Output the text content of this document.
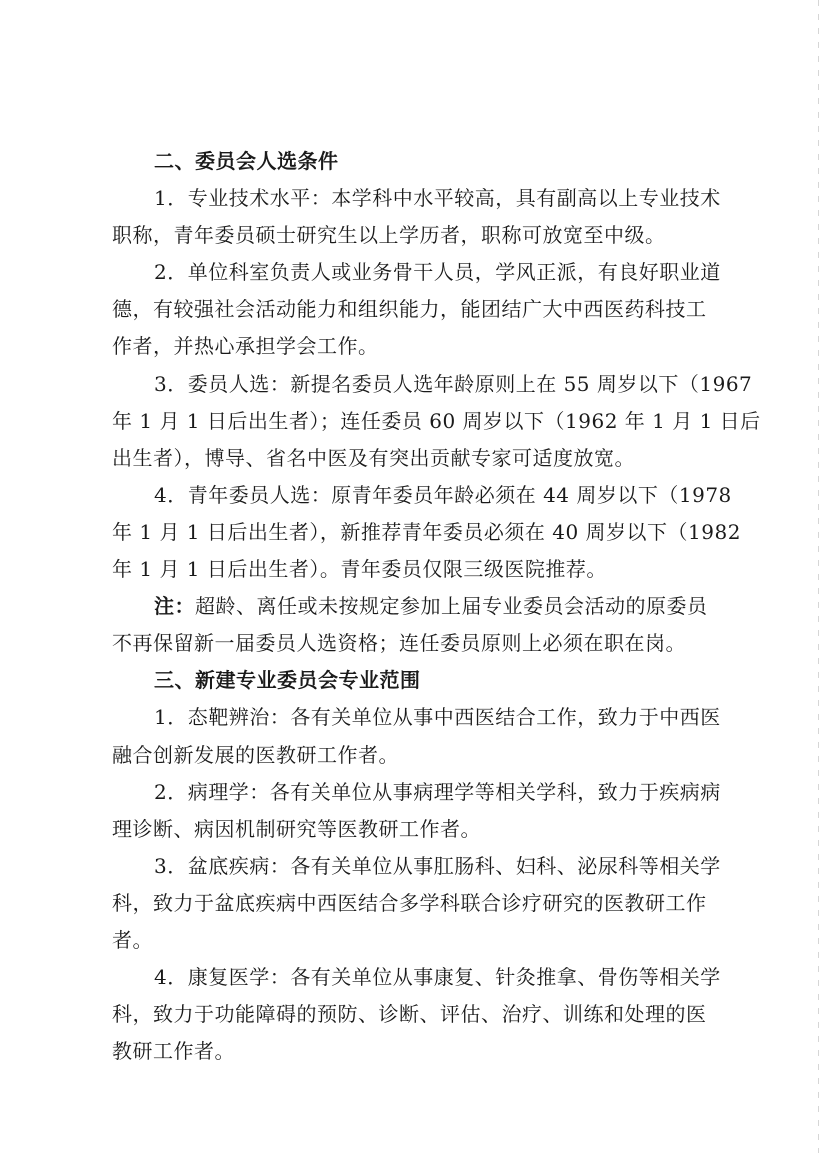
二、委员会人选条件
1．专业技术水平：本学科中水平较高，具有副高以上专业技术
职称，青年委员硕士研究生以上学历者，职称可放宽至中级。
2．单位科室负责人或业务骨干人员，学风正派，有良好职业道
德，有较强社会活动能力和组织能力，能团结广大中西医药科技工
作者，并热心承担学会工作。
3．委员人选：新提名委员人选年龄原则上在 55 周岁以下（1967
年 1 月 1 日后出生者）；连任委员 60 周岁以下（1962 年 1 月 1 日后
出生者），博导、省名中医及有突出贡献专家可适度放宽。
4．青年委员人选：原青年委员年龄必须在 44 周岁以下（1978
年 1 月 1 日后出生者），新推荐青年委员必须在 40 周岁以下（1982
年 1 月 1 日后出生者）。青年委员仅限三级医院推荐。
注：超龄、离任或未按规定参加上届专业委员会活动的原委员
不再保留新一届委员人选资格；连任委员原则上必须在职在岗。
三、新建专业委员会专业范围
1．态靶辨治：各有关单位从事中西医结合工作，致力于中西医
融合创新发展的医教研工作者。
2．病理学：各有关单位从事病理学等相关学科，致力于疾病病
理诊断、病因机制研究等医教研工作者。
3．盆底疾病：各有关单位从事肛肠科、妇科、泌尿科等相关学
科，致力于盆底疾病中西医结合多学科联合诊疗研究的医教研工作
者。
4．康复医学：各有关单位从事康复、针灸推拿、骨伤等相关学
科，致力于功能障碍的预防、诊断、评估、治疗、训练和处理的医
教研工作者。
